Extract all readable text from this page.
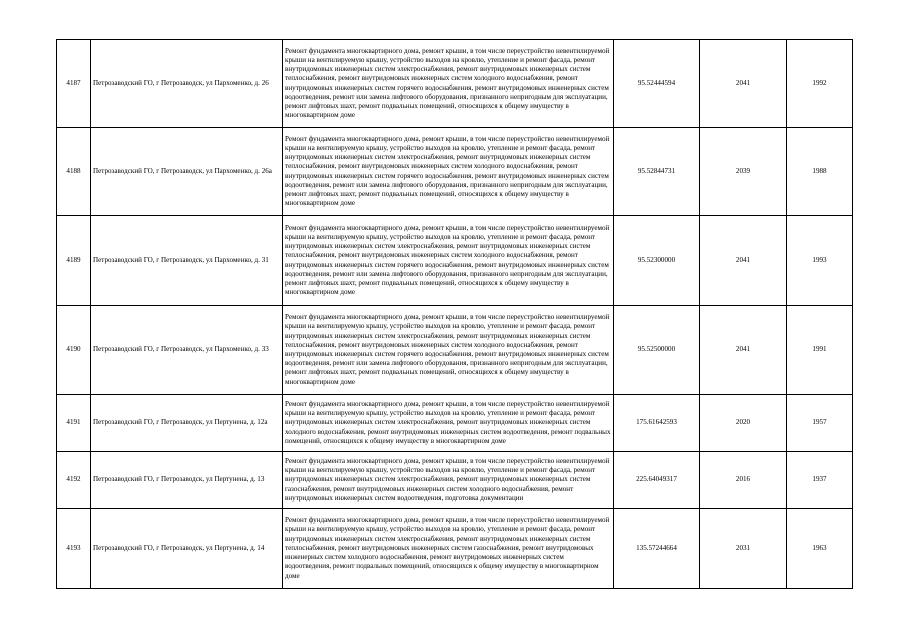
4187	Петрозаводский ГО, г Петрозаводск, ул Пархоменко, д. 26	Ремонт фундамента многоквартирного дома, ремонт крыши, в том числе переустройство невентилируемой крыши на вентилируемую крышу, устройство выходов на кровлю, утепление и ремонт фасада, ремонт внутридомовых инженерных систем электроснабжения, ремонт внутридомовых инженерных систем теплоснабжения, ремонт внутридомовых инженерных систем холодного водоснабжения, ремонт внутридомовых инженерных систем горячего водоснабжения, ремонт внутридомовых инженерных систем водоотведения, ремонт или замена лифтового оборудования, признанного непригодным для эксплуатации, ремонт лифтовых шахт, ремонт подвальных помещений, относящихся к общему имуществу в многоквартирном доме	95.52444594	2041	1992
4188	Петрозаводский ГО, г Петрозаводск, ул Пархоменко, д. 26а	Ремонт фундамента многоквартирного дома, ремонт крыши, в том числе переустройство невентилируемой крыши на вентилируемую крышу, устройство выходов на кровлю, утепление и ремонт фасада, ремонт внутридомовых инженерных систем электроснабжения, ремонт внутридомовых инженерных систем теплоснабжения, ремонт внутридомовых инженерных систем холодного водоснабжения, ремонт внутридомовых инженерных систем горячего водоснабжения, ремонт внутридомовых инженерных систем водоотведения, ремонт или замена лифтового оборудования, признанного непригодным для эксплуатации, ремонт лифтовых шахт, ремонт подвальных помещений, относящихся к общему имуществу в многоквартирном доме	95.52844731	2039	1988
4189	Петрозаводский ГО, г Петрозаводск, ул Пархоменко, д. 31	Ремонт фундамента многоквартирного дома, ремонт крыши, в том числе переустройство невентилируемой крыши на вентилируемую крышу, устройство выходов на кровлю, утепление и ремонт фасада, ремонт внутридомовых инженерных систем электроснабжения, ремонт внутридомовых инженерных систем теплоснабжения, ремонт внутридомовых инженерных систем холодного водоснабжения, ремонт внутридомовых инженерных систем горячего водоснабжения, ремонт внутридомовых инженерных систем водоотведения, ремонт или замена лифтового оборудования, признанного непригодным для эксплуатации, ремонт лифтовых шахт, ремонт подвальных помещений, относящихся к общему имуществу в многоквартирном доме	95.52300000	2041	1993
4190	Петрозаводский ГО, г Петрозаводск, ул Пархоменко, д. 33	Ремонт фундамента многоквартирного дома, ремонт крыши, в том числе переустройство невентилируемой крыши на вентилируемую крышу, устройство выходов на кровлю, утепление и ремонт фасада, ремонт внутридомовых инженерных систем электроснабжения, ремонт внутридомовых инженерных систем теплоснабжения, ремонт внутридомовых инженерных систем холодного водоснабжения, ремонт внутридомовых инженерных систем горячего водоснабжения, ремонт внутридомовых инженерных систем водоотведения, ремонт или замена лифтового оборудования, признанного непригодным для эксплуатации, ремонт лифтовых шахт, ремонт подвальных помещений, относящихся к общему имуществу в многоквартирном доме	95.52500000	2041	1991
4191	Петрозаводский ГО, г Петрозаводск, ул Пертунена, д. 12а	Ремонт фундамента многоквартирного дома, ремонт крыши, в том числе переустройство невентилируемой крыши на вентилируемую крышу, устройство выходов на кровлю, утепление и ремонт фасада, ремонт внутридомовых инженерных систем электроснабжения, ремонт внутридомовых инженерных систем холодного водоснабжения, ремонт внутридомовых инженерных систем водоотведения, ремонт подвальных помещений, относящихся к общему имуществу в многоквартирном доме	175.61642593	2020	1957
4192	Петрозаводский ГО, г Петрозаводск, ул Пертунена, д. 13	Ремонт фундамента многоквартирного дома, ремонт крыши, в том числе переустройство невентилируемой крыши на вентилируемую крышу, устройство выходов на кровлю, утепление и ремонт фасада, ремонт внутридомовых инженерных систем электроснабжения, ремонт внутридомовых инженерных систем газоснабжения, ремонт внутридомовых инженерных систем холодного водоснабжения, ремонт внутридомовых инженерных систем водоотведения, подготовка документации	225.64049317	2016	1937
4193	Петрозаводский ГО, г Петрозаводск, ул Пертунена, д. 14	Ремонт фундамента многоквартирного дома, ремонт крыши, в том числе переустройство невентилируемой крыши на вентилируемую крышу, устройство выходов на кровлю, утепление и ремонт фасада, ремонт внутридомовых инженерных систем электроснабжения, ремонт внутридомовых инженерных систем теплоснабжения, ремонт внутридомовых инженерных систем газоснабжения, ремонт внутридомовых инженерных систем холодного водоснабжения, ремонт внутридомовых инженерных систем водоотведения, ремонт подвальных помещений, относящихся к общему имуществу в многоквартирном доме	135.57244664	2031	1963
